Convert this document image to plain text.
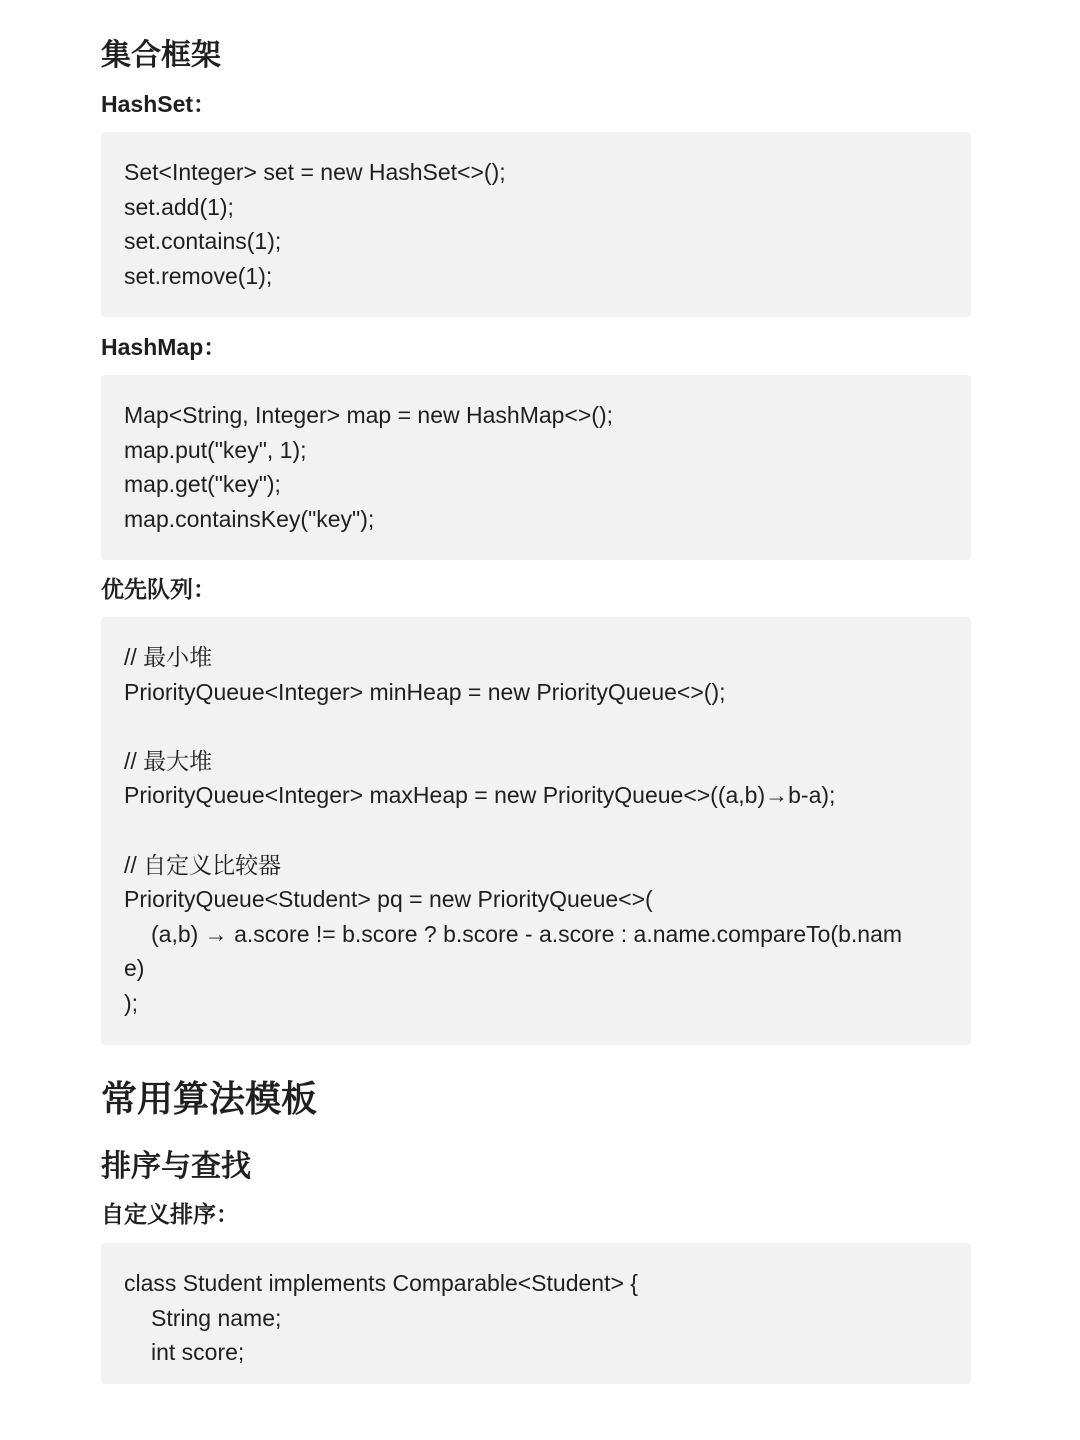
集合框架
HashSet：
Set<Integer> set = new HashSet<>();
set.add(1);
set.contains(1);
set.remove(1);
HashMap：
Map<String, Integer> map = new HashMap<>();
map.put("key", 1);
map.get("key");
map.containsKey("key");
优先队列：
// 最小堆
PriorityQueue<Integer> minHeap = new PriorityQueue<>();
// 最大堆
PriorityQueue<Integer> maxHeap = new PriorityQueue<>((a,b)→b-a);
// 自定义比较器
PriorityQueue<Student> pq = new PriorityQueue<>(
(a,b) → a.score != b.score ? b.score - a.score : a.name.compareTo(b.nam
e)
);
常用算法模板
排序与查找
自定义排序：
class Student implements Comparable<Student> {
String name;
int score;
